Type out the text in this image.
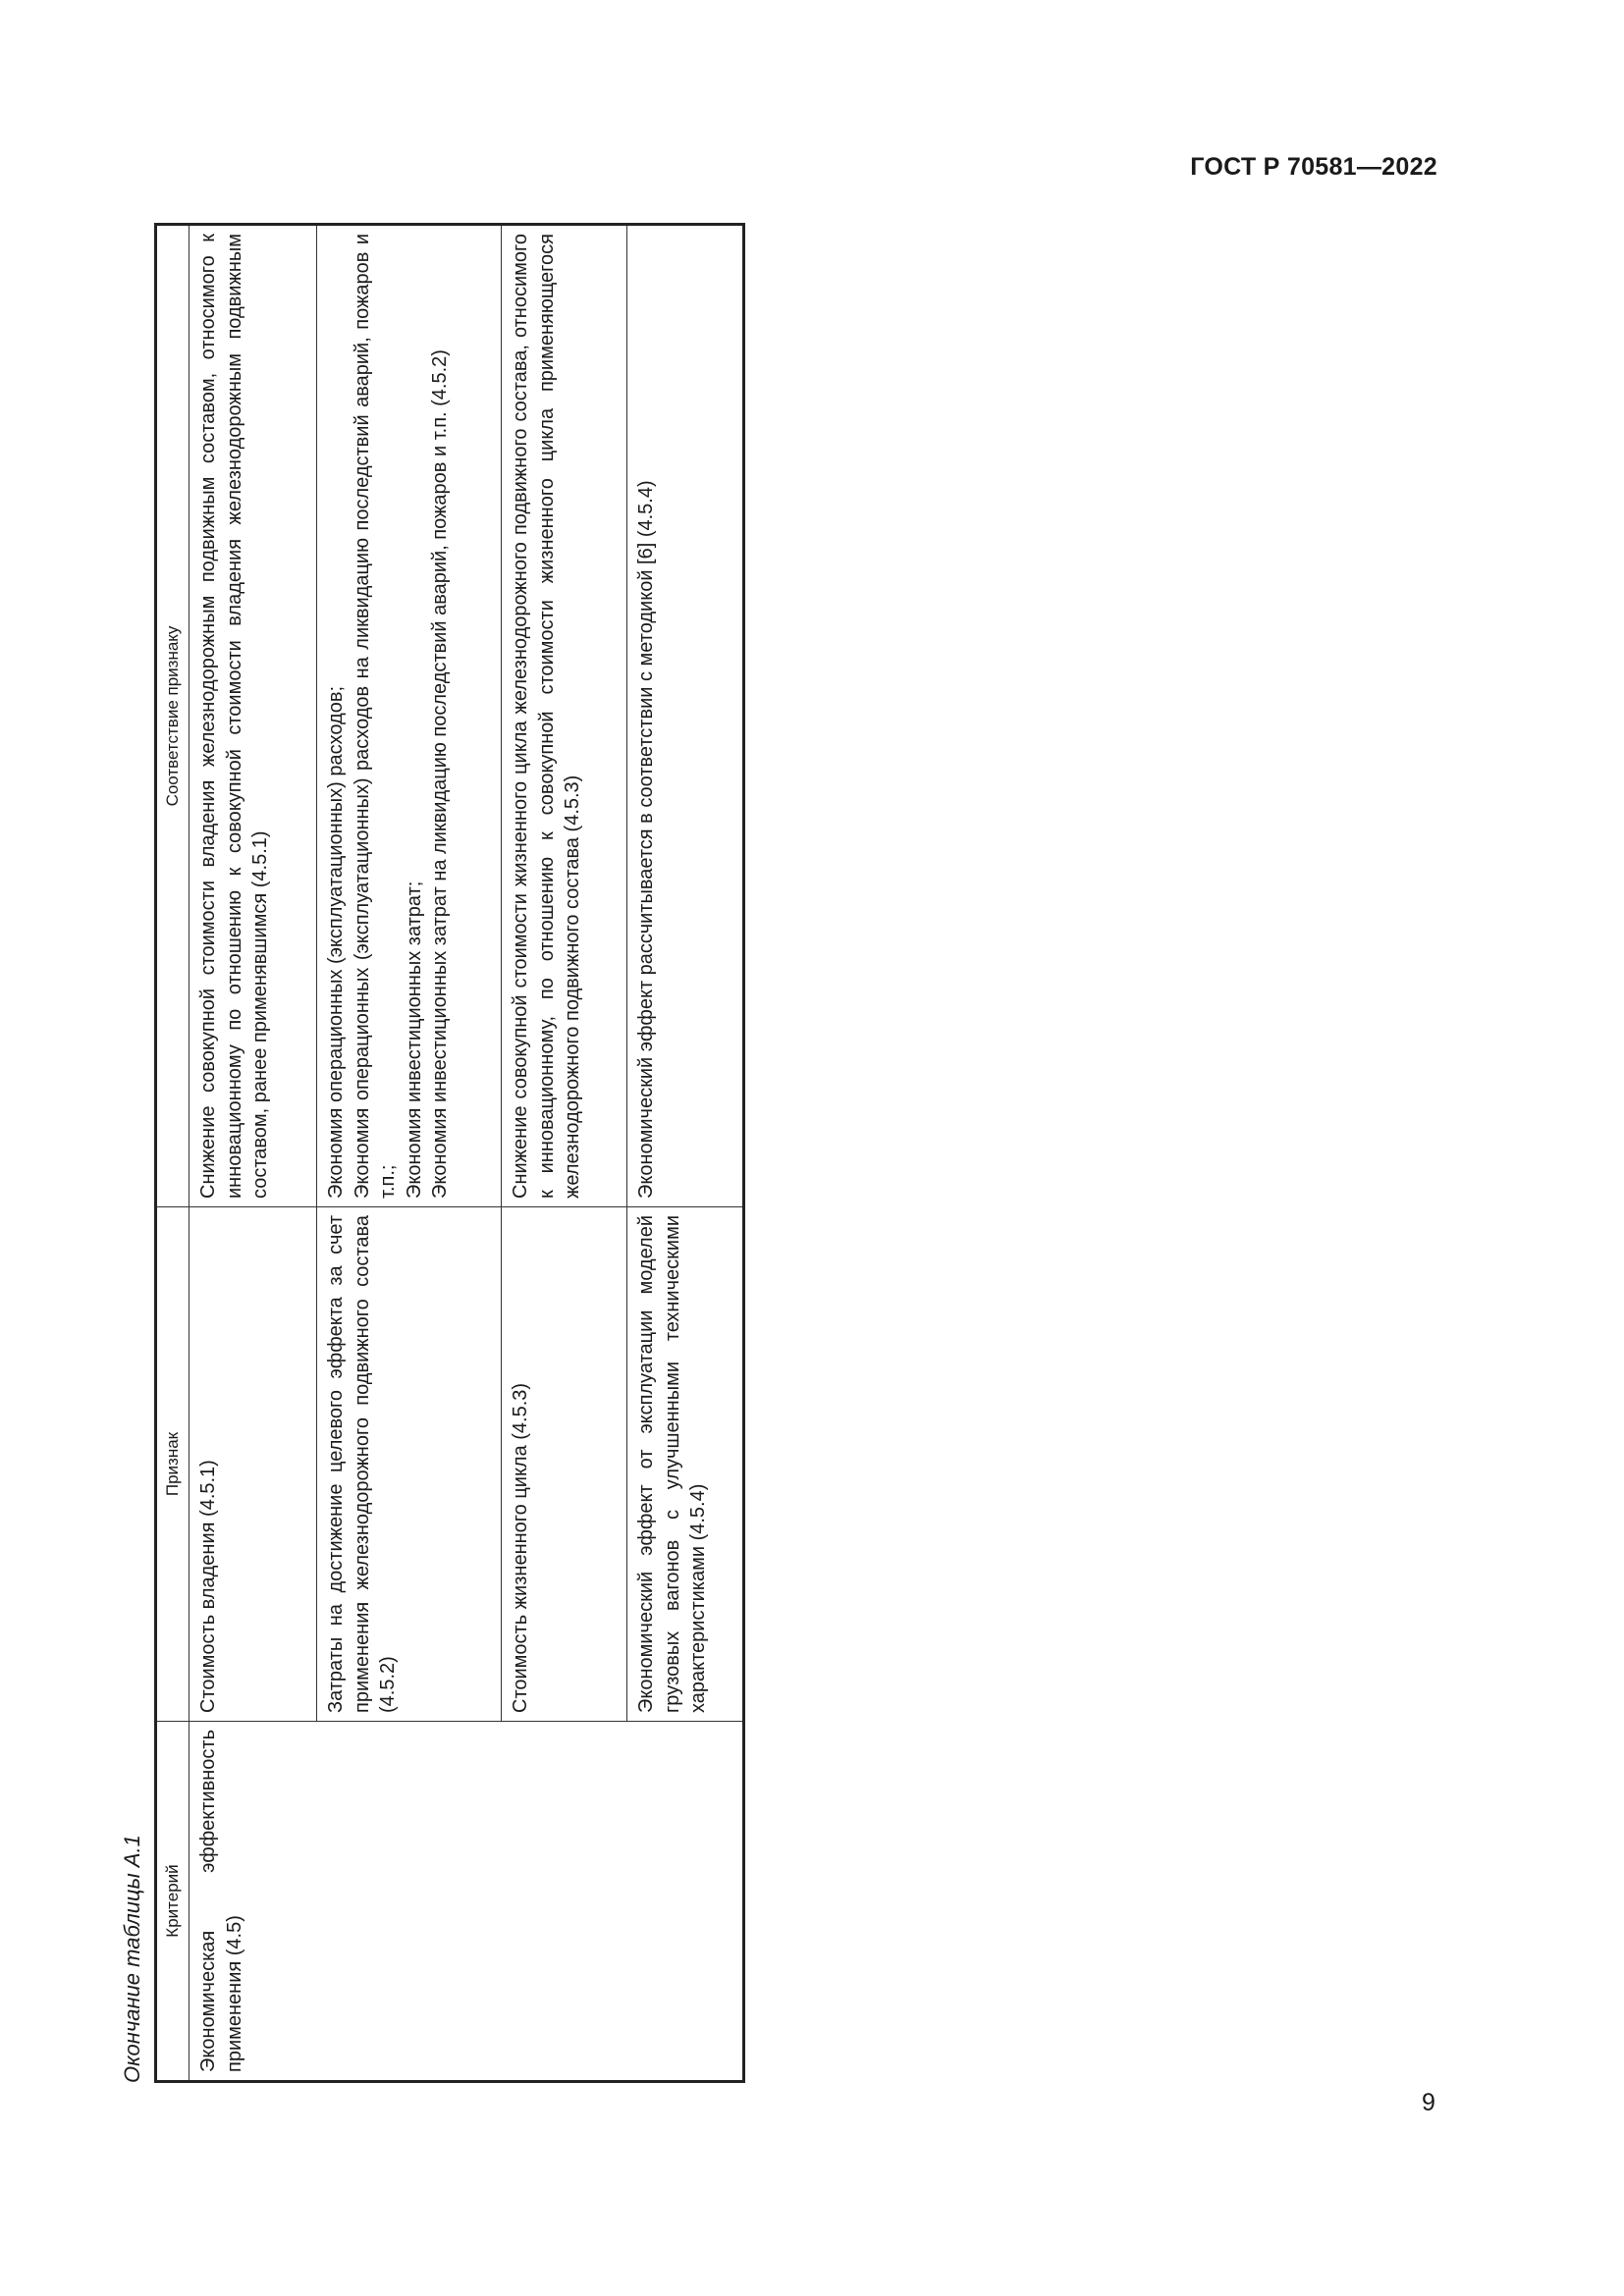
ГОСТ Р 70581—2022
Окончание таблицы А.1	Критерий	Признак	Соответствие признаку
Экономическая эффективность применения (4.5)	Стоимость владения (4.5.1)	Снижение совокупной стоимости владения железнодорожным подвижным составом, относимого к инновационному по отношению к совокупной стоимости владения железнодорожным подвижным составом, ранее применявшимся (4.5.1)
	Затраты на достижение целевого эффекта за счет применения железнодорожного подвижного состава (4.5.2)	Экономия операционных (эксплуатационных) расходов; Экономия операционных (эксплуатационных) расходов на ликвидацию последствий аварий, пожаров и т.п.; Экономия инвестиционных затрат; Экономия инвестиционных затрат на ликвидацию последствий аварий, пожаров и т.п. (4.5.2)

	Стоимость жизненного цикла (4.5.3)	Снижение совокупной стоимости жизненного цикла железнодорожного подвижного состава, относимого к инновационному, по отношению к совокупной стоимости жизненного цикла применяющегося железнодорожного подвижного состава (4.5.3)
	Экономический эффект от эксплуатации моделей грузовых вагонов с улучшенными техническими характеристиками (4.5.4)	Экономический эффект рассчитывается в соответствии с методикой [6] (4.5.4)
9
